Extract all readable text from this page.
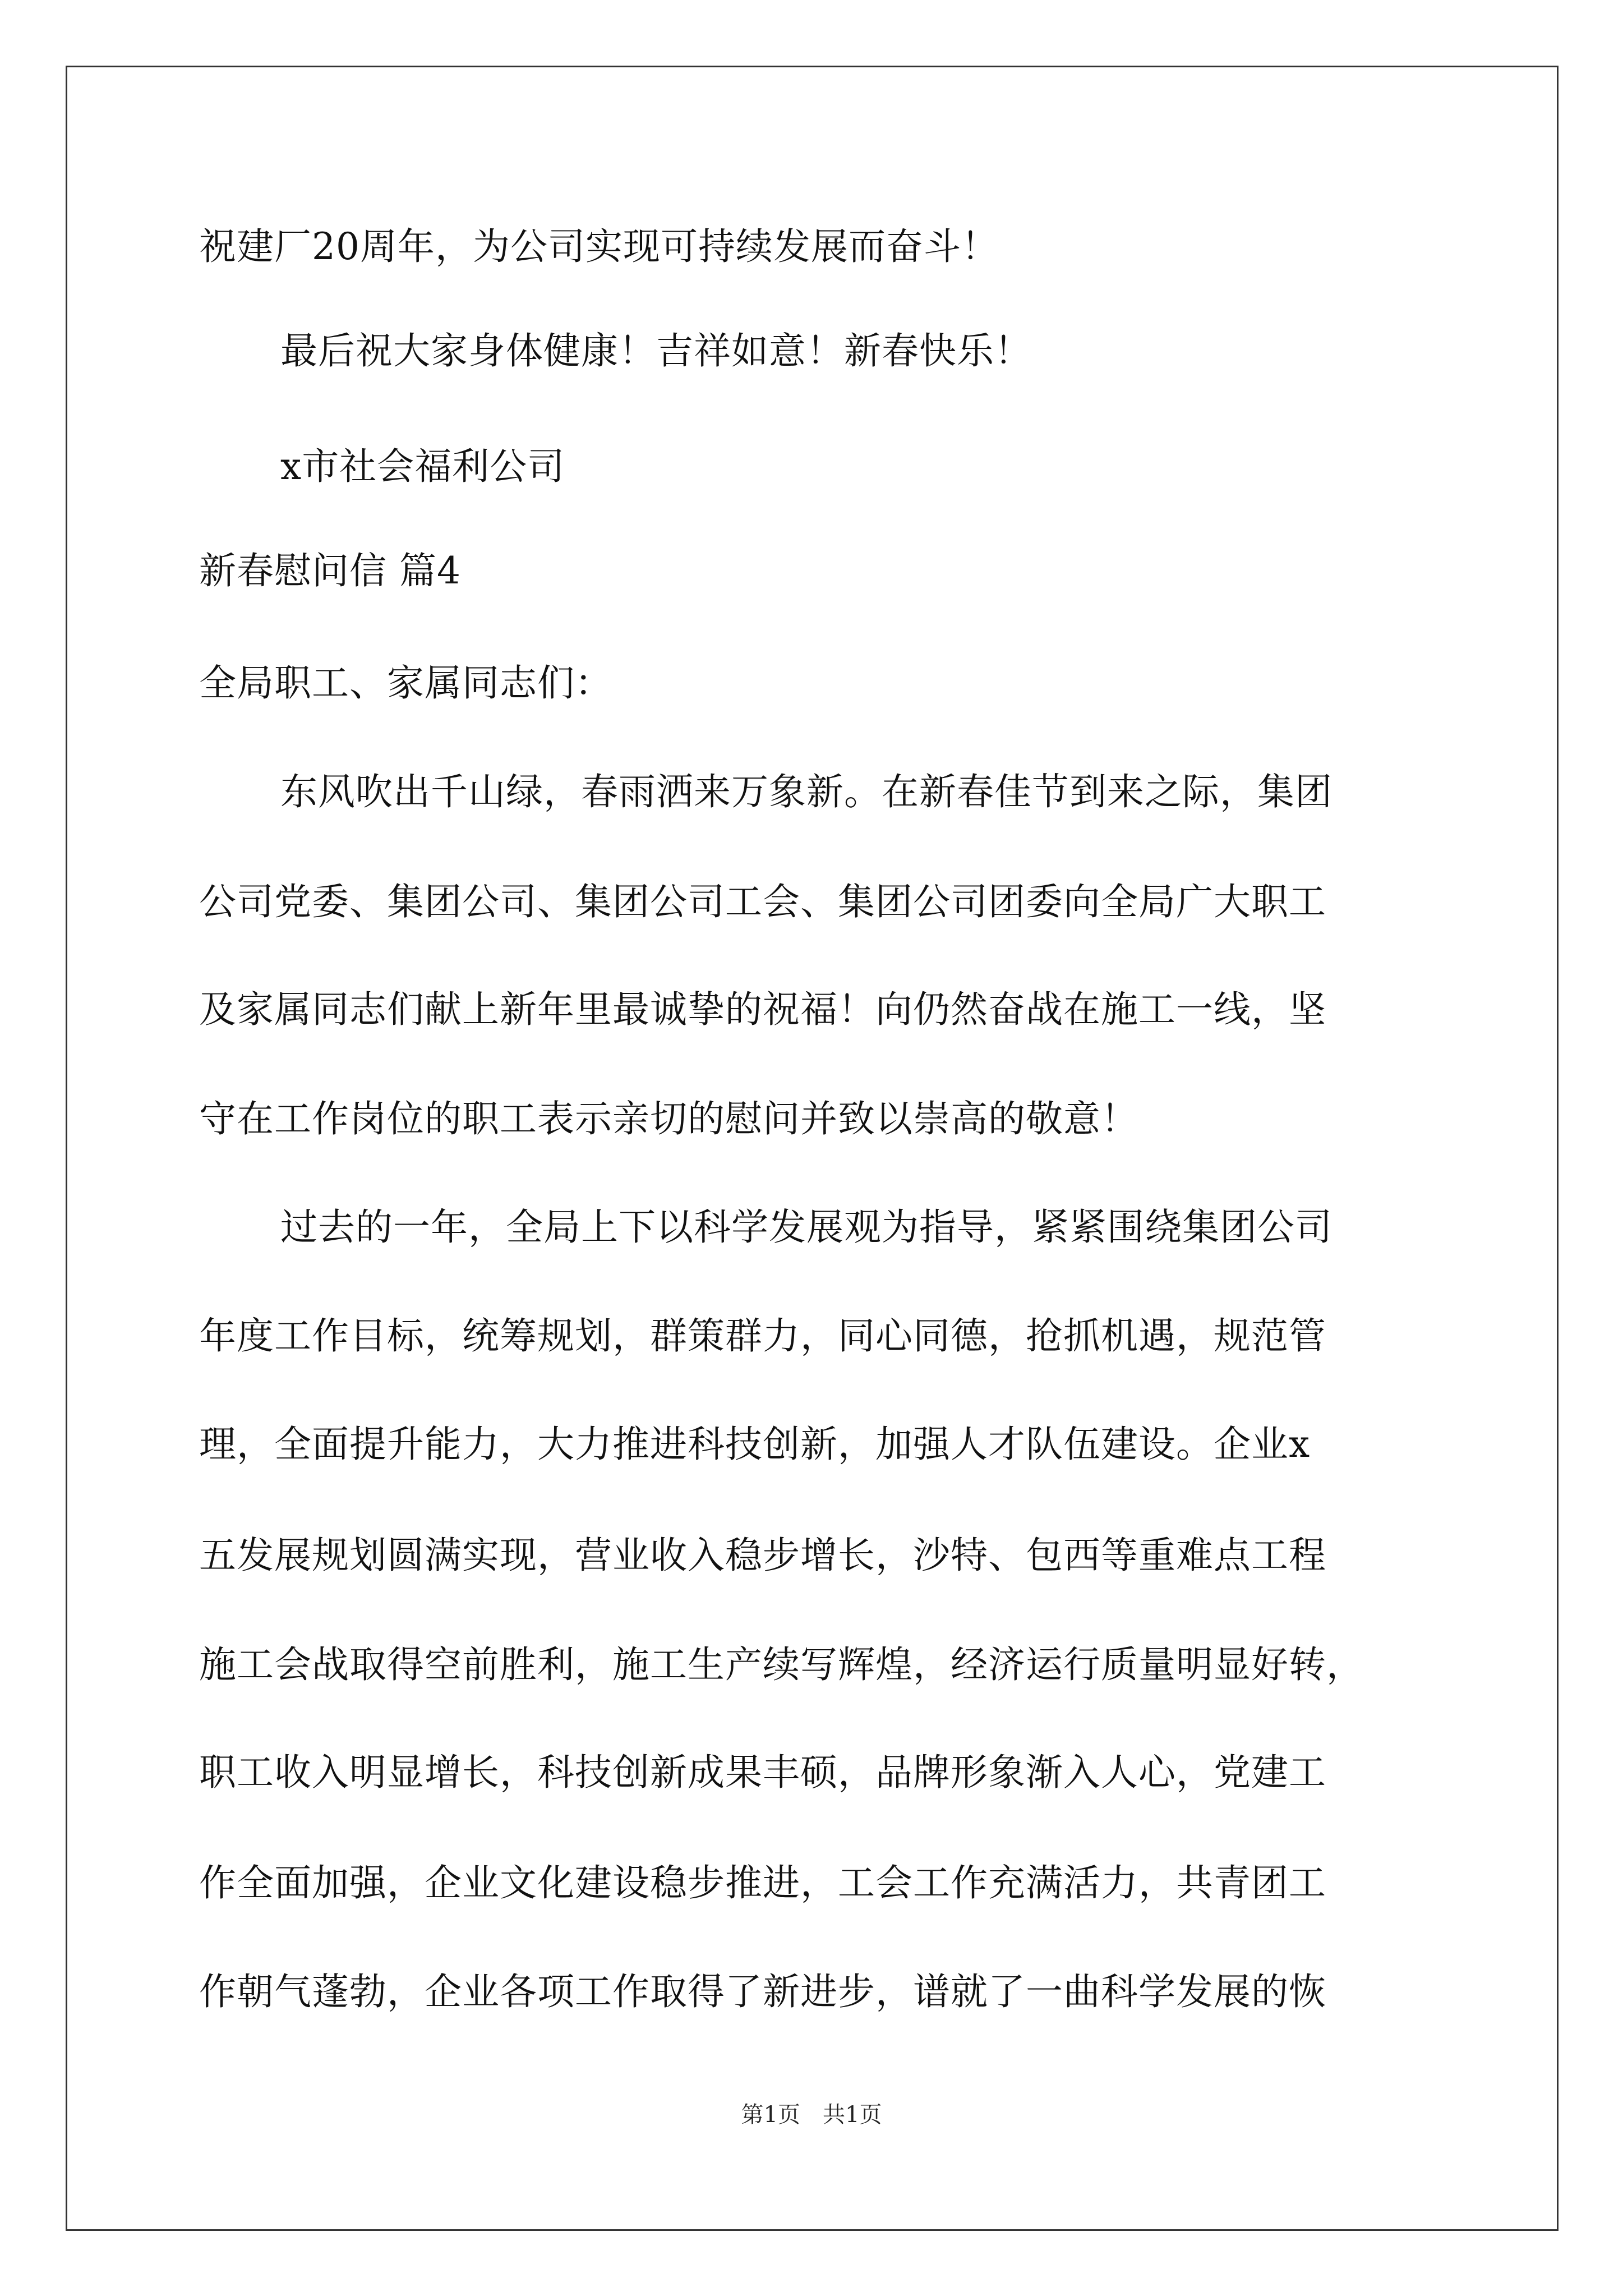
祝建厂20周年，为公司实现可持续发展而奋斗！
最后祝大家身体健康！吉祥如意！新春快乐！
x市社会福利公司
新春慰问信 篇4
全局职工、家属同志们：
东风吹出千山绿，春雨洒来万象新。在新春佳节到来之际，集团
公司党委、集团公司、集团公司工会、集团公司团委向全局广大职工
及家属同志们献上新年里最诚挚的祝福！向仍然奋战在施工一线，坚
守在工作岗位的职工表示亲切的慰问并致以崇高的敬意！
过去的一年，全局上下以科学发展观为指导，紧紧围绕集团公司
年度工作目标，统筹规划，群策群力，同心同德，抢抓机遇，规范管
理，全面提升能力，大力推进科技创新，加强人才队伍建设。企业x
五发展规划圆满实现，营业收入稳步增长，沙特、包西等重难点工程
施工会战取得空前胜利，施工生产续写辉煌，经济运行质量明显好转，
职工收入明显增长，科技创新成果丰硕，品牌形象渐入人心，党建工
作全面加强，企业文化建设稳步推进，工会工作充满活力，共青团工
作朝气蓬勃，企业各项工作取得了新进步，谱就了一曲科学发展的恢
第1页 共1页
